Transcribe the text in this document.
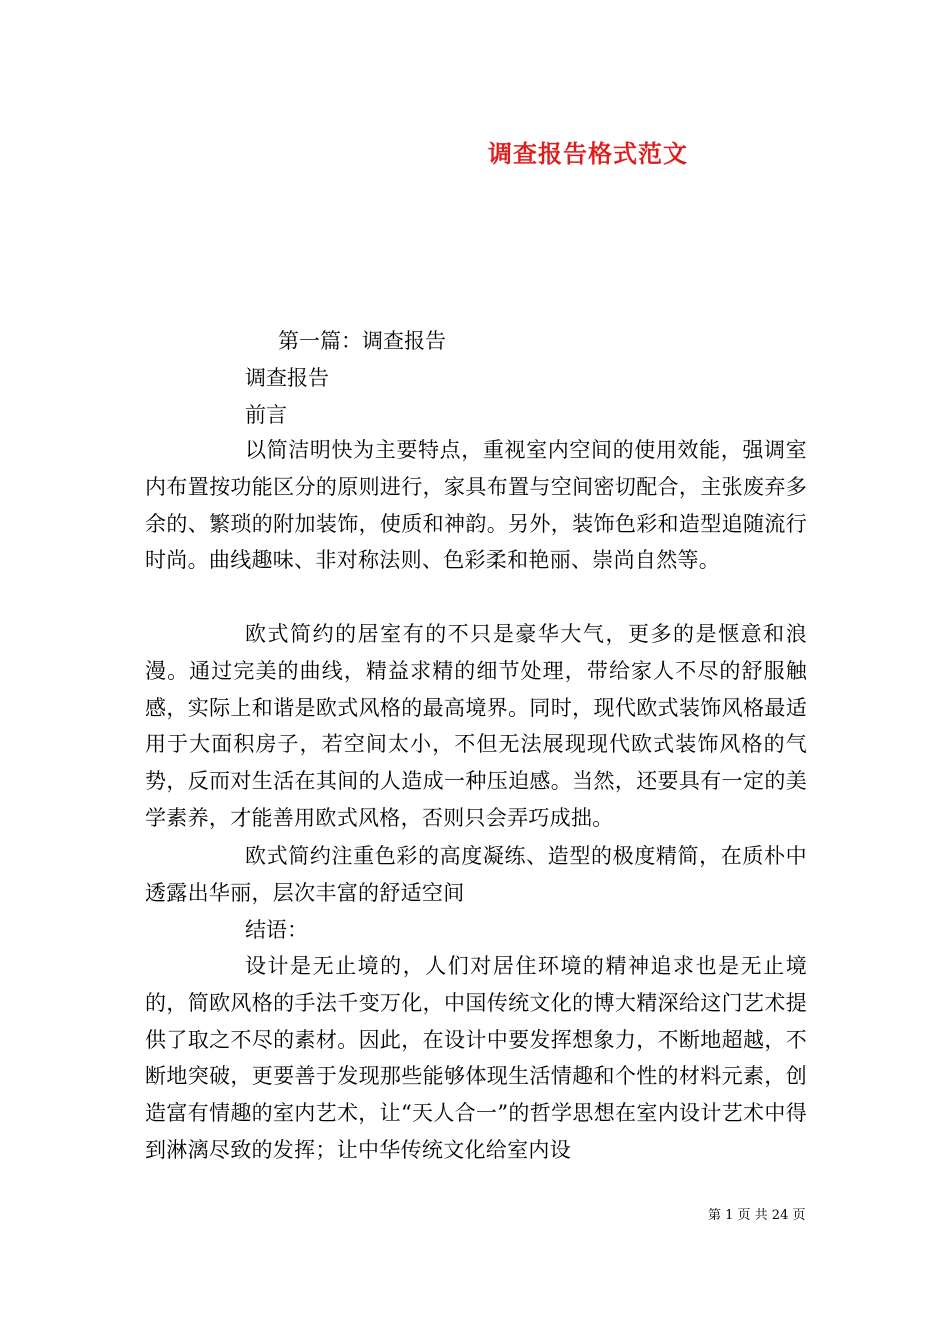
调查报告格式范文
第一篇：调查报告
调查报告
前言

以简洁明快为主要特点，重视室内空间的使用效能，强调室内布置按功能区分的原则进行，家具布置与空间密切配合，主张废弃多余的、繁琐的附加装饰，使质和神韵。另外，装饰色彩和造型追随流行时尚。曲线趣味、非对称法则、色彩柔和艳丽、崇尚自然等。

欧式简约的居室有的不只是豪华大气，更多的是惬意和浪漫。通过完美的曲线，精益求精的细节处理，带给家人不尽的舒服触感，实际上和谐是欧式风格的最高境界。同时，现代欧式装饰风格最适用于大面积房子，若空间太小，不但无法展现现代欧式装饰风格的气势，反而对生活在其间的人造成一种压迫感。当然，还要具有一定的美学素养，才能善用欧式风格，否则只会弄巧成拙。

欧式简约注重色彩的高度凝练、造型的极度精简，在质朴中透露出华丽，层次丰富的舒适空间

结语：

设计是无止境的，人们对居住环境的精神追求也是无止境的，简欧风格的手法千变万化，中国传统文化的博大精深给这门艺术提供了取之不尽的素材。因此，在设计中要发挥想象力，不断地超越，不断地突破，更要善于发现那些能够体现生活情趣和个性的材料元素，创造富有情趣的室内艺术，让“天人合一”的哲学思想在室内设计艺术中得到淋漓尽致的发挥；让中华传统文化给室内设

第 1 页 共 24 页
